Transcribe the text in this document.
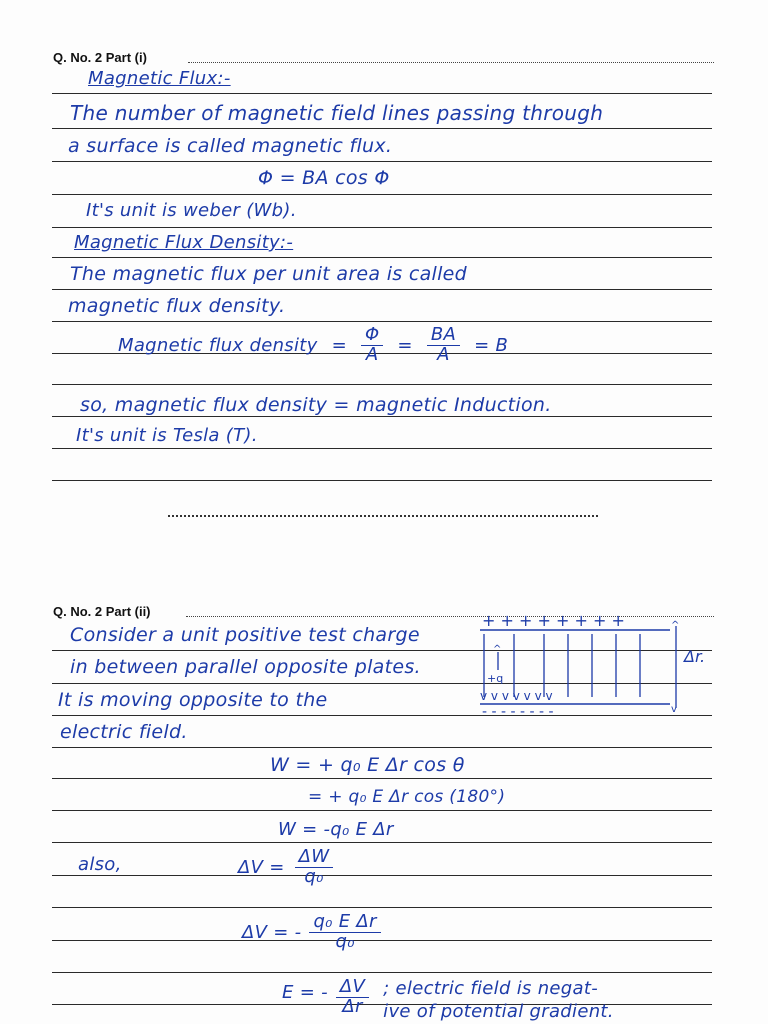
Q. No. 2 Part (i)
Magnetic Flux:-
The number of magnetic field lines passing through
a surface is called magnetic flux.
Φ = BA cos Φ
It's unit is weber (Wb).
Magnetic Flux Density:-
The magnetic flux per unit area is called
magnetic flux density.
Magnetic flux density = $\frac{\Phi}{A} = \frac{BA}{A} = B$
so, magnetic flux density = magnetic Induction.
It's unit is Tesla (T).
Q. No. 2 Part (ii)
Consider a unit positive test charge
in between parallel opposite plates.
It is moving opposite to the
electric field.
+ + + + + + + +
v v v v v v v
^
+q
- - - - - - - -
^
v
Δr.
W = + q₀ E Δr cos θ
= + q₀ E Δr cos (180°)
W = -q₀ E Δr
also,	$\Delta V = \frac{\Delta W}{\text{q₀}}$
ΔV = - $\frac{\text{q₀ E Δr}}{\text{q₀}}$
E = - $\frac{\Delta V}{\Delta r}$ ; electric field is negat-
ive of potential gradient.
